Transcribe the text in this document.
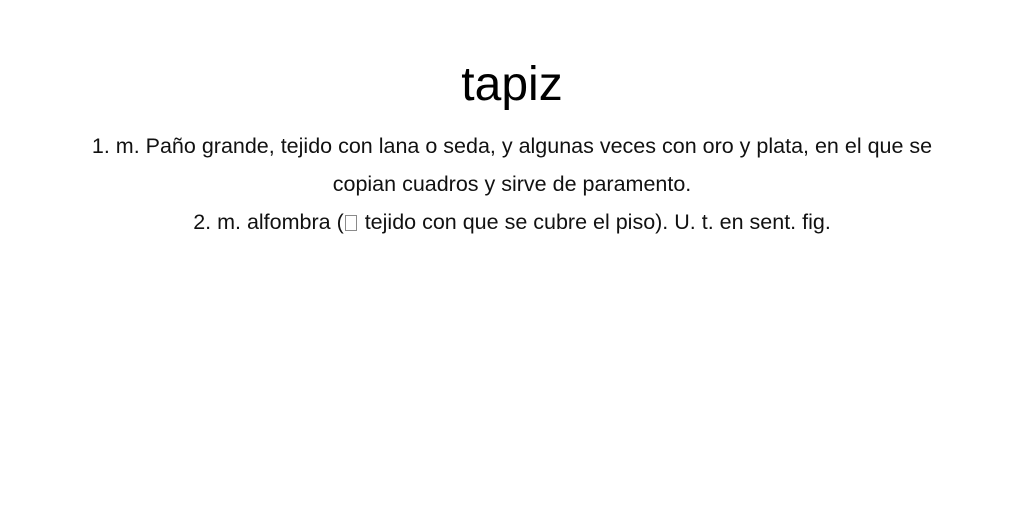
tapiz
1. m. Paño grande, tejido con lana o seda, y algunas veces con oro y plata, en el que se copian cuadros y sirve de paramento.
2. m. alfombra ( tejido con que se cubre el piso). U. t. en sent. fig.
